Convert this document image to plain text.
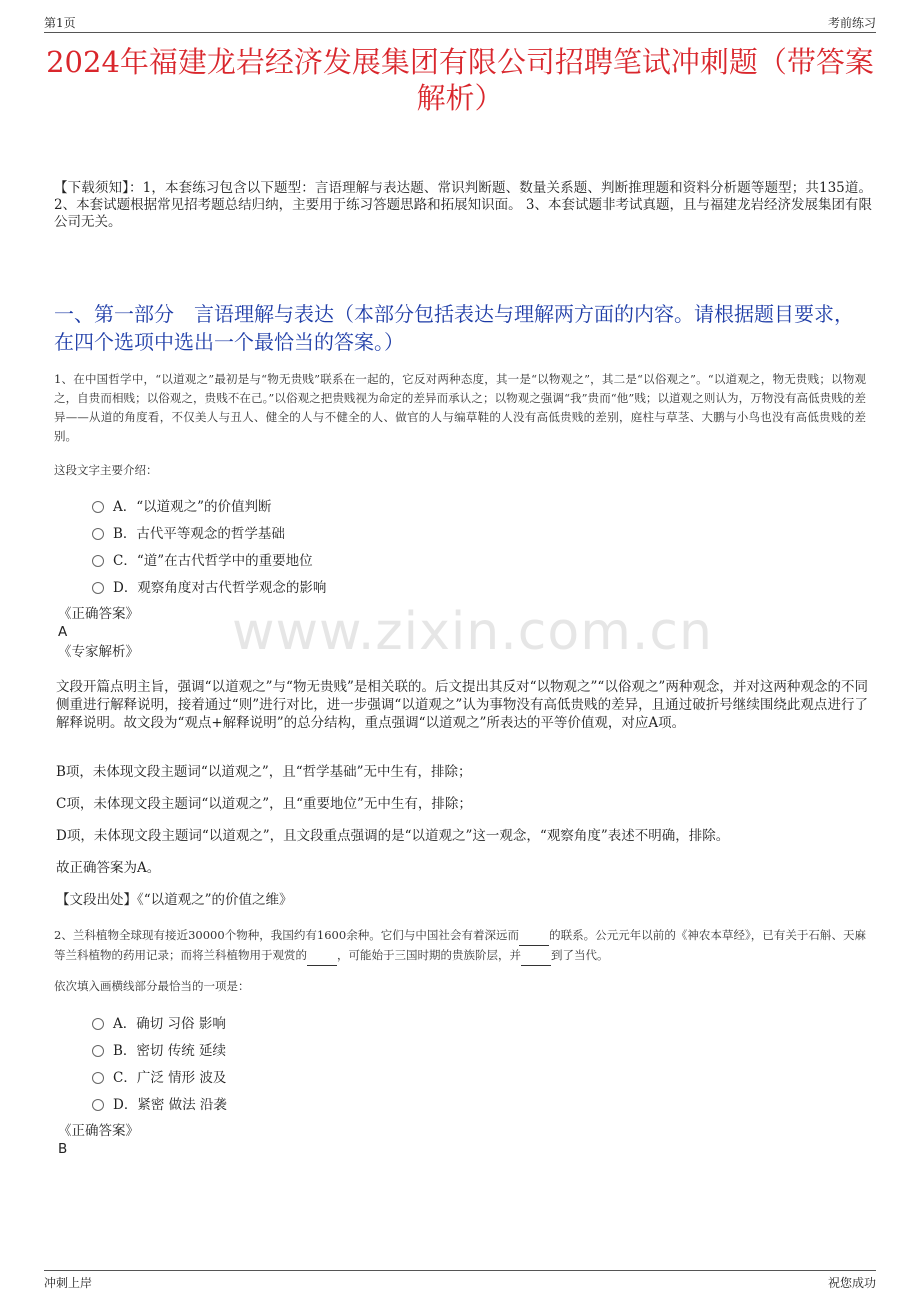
第1页	考前练习
www.zixin.com.cn
2024年福建龙岩经济发展集团有限公司招聘笔试冲刺题（带答案解析）
【下载须知】：1，本套练习包含以下题型：言语理解与表达题、常识判断题、数量关系题、判断推理题和资料分析题等题型；共135道。 2、本套试题根据常见招考题总结归纳，主要用于练习答题思路和拓展知识面。 3、本套试题非考试真题，且与福建龙岩经济发展集团有限公司无关。
一、第一部分　言语理解与表达（本部分包括表达与理解两方面的内容。请根据题目要求，在四个选项中选出一个最恰当的答案。）
1、在中国哲学中，“以道观之”最初是与“物无贵贱”联系在一起的，它反对两种态度，其一是“以物观之”，其二是“以俗观之”。“以道观之，物无贵贱；以物观之，自贵而相贱；以俗观之，贵贱不在己。”以俗观之把贵贱视为命定的差异而承认之；以物观之强调“我”贵而“他”贱；以道观之则认为，万物没有高低贵贱的差异——从道的角度看，不仅美人与丑人、健全的人与不健全的人、做官的人与编草鞋的人没有高低贵贱的差别，庭柱与草茎、大鹏与小鸟也没有高低贵贱的差别。
这段文字主要介绍：
A．“以道观之”的价值判断
B．古代平等观念的哲学基础
C．“道”在古代哲学中的重要地位
D．观察角度对古代哲学观念的影响
《正确答案》
A
《专家解析》
文段开篇点明主旨，强调“以道观之”与“物无贵贱”是相关联的。后文提出其反对“以物观之”“以俗观之”两种观念，并对这两种观念的不同侧重进行解释说明，接着通过“则”进行对比，进一步强调“以道观之”认为事物没有高低贵贱的差异，且通过破折号继续围绕此观点进行了解释说明。故文段为“观点+解释说明”的总分结构，重点强调“以道观之”所表达的平等价值观，对应A项。
B项，未体现文段主题词“以道观之”，且“哲学基础”无中生有，排除；
C项，未体现文段主题词“以道观之”，且“重要地位”无中生有，排除；
D项，未体现文段主题词“以道观之”，且文段重点强调的是“以道观之”这一观念，“观察角度”表述不明确，排除。
故正确答案为A。
【文段出处】《“以道观之”的价值之维》
2、兰科植物全球现有接近30000个物种，我国约有1600余种。它们与中国社会有着深远而	的联系。公元元年以前的《神农本草经》，已有关于石斛、天麻等兰科植物的药用记录；而将兰科植物用于观赏的	，可能始于三国时期的贵族阶层，并	到了当代。
依次填入画横线部分最恰当的一项是：
A．确切 习俗 影响
B．密切 传统 延续
C．广泛 情形 波及
D．紧密 做法 沿袭
《正确答案》
B
冲刺上岸	祝您成功
